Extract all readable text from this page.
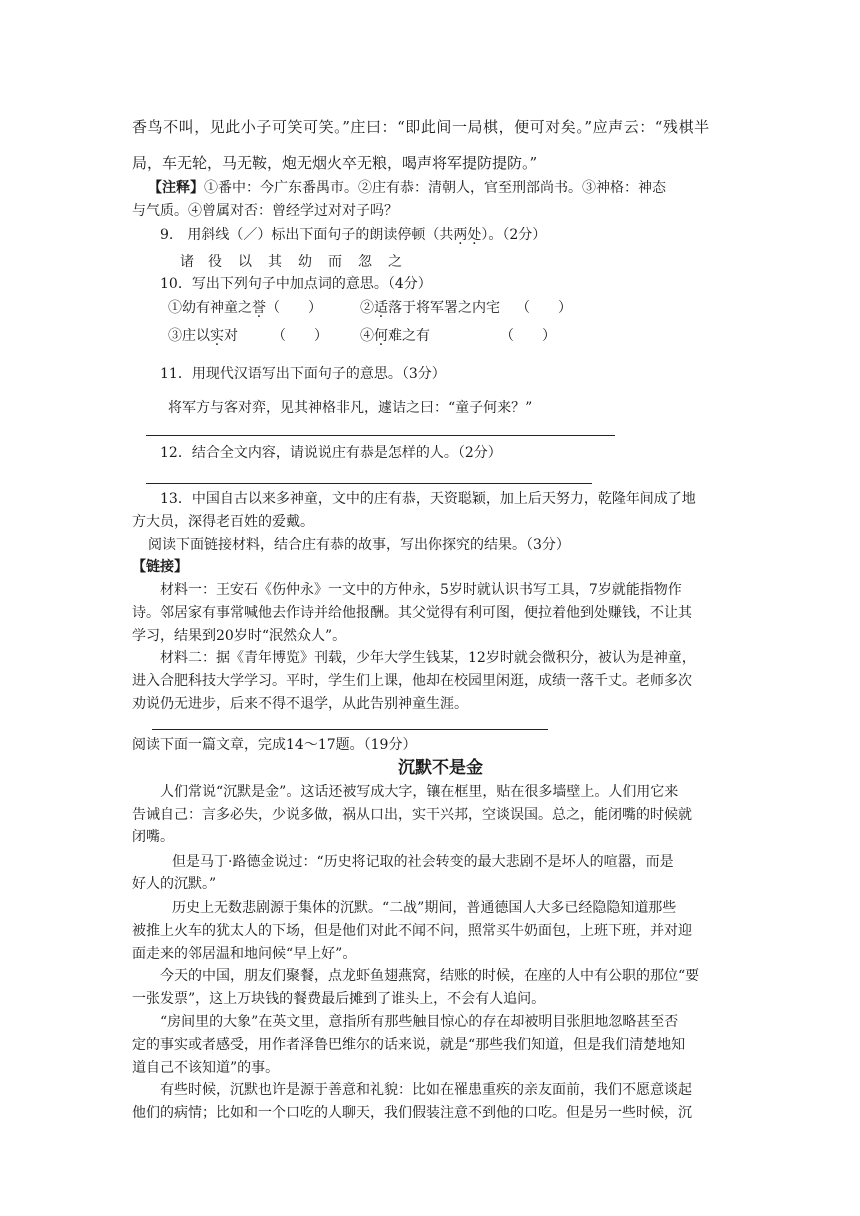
香鸟不叫，见此小子可笑可笑。”庄曰：“即此间一局棋，便可对矣。”应声云：“残棋半
局，车无轮，马无鞍，炮无烟火卒无粮，喝声将军提防提防。”
【注释】①番中：今广东番禺市。②庄有恭：清朝人，官至刑部尚书。③神格：神态
与气质。④曾属对否：曾经学过对对子吗？
9.　用斜线（／）标出下面句子的朗读停顿（共两处）。（2分）
诸 役 以 其 幼 而 忽 之
10．写出下列句子中加点词的意思。（4分）
①幼有神童之誉（　　）	②适落于将军署之内宅 （　　）
③庄以实对 （　　） ④何难之有	（　　）
11．用现代汉语写出下面句子的意思。（3分）
将军方与客对弈，见其神格非凡，遽诘之曰：“童子何来？”
12．结合全文内容，请说说庄有恭是怎样的人。（2分）
13．中国自古以来多神童，文中的庄有恭，天资聪颖，加上后天努力，乾隆年间成了地
方大员，深得老百姓的爱戴。
阅读下面链接材料，结合庄有恭的故事，写出你探究的结果。（3分）
【链接】
材料一：王安石《伤仲永》一文中的方仲永，5岁时就认识书写工具，7岁就能指物作
诗。邻居家有事常喊他去作诗并给他报酬。其父觉得有利可图，便拉着他到处赚钱，不让其
学习，结果到20岁时“泯然众人”。
材料二：据《青年博览》刊载，少年大学生钱某，12岁时就会微积分，被认为是神童，
进入合肥科技大学学习。平时，学生们上课，他却在校园里闲逛，成绩一落千丈。老师多次
劝说仍无进步，后来不得不退学，从此告别神童生涯。
阅读下面一篇文章，完成14～17题。（19分）
沉默不是金
人们常说“沉默是金”。这话还被写成大字，镶在框里，贴在很多墙壁上。人们用它来
告诫自己：言多必失，少说多做，祸从口出，实干兴邦，空谈误国。总之，能闭嘴的时候就
闭嘴。
但是马丁·路德金说过：“历史将记取的社会转变的最大悲剧不是坏人的喧嚣，而是
好人的沉默。”
历史上无数悲剧源于集体的沉默。“二战”期间，普通德国人大多已经隐隐知道那些
被推上火车的犹太人的下场，但是他们对此不闻不问，照常买牛奶面包，上班下班，并对迎
面走来的邻居温和地问候“早上好”。
今天的中国，朋友们聚餐，点龙虾鱼翅燕窝，结账的时候，在座的人中有公职的那位“要
一张发票”，这上万块钱的餐费最后摊到了谁头上，不会有人追问。
“房间里的大象”在英文里，意指所有那些触目惊心的存在却被明目张胆地忽略甚至否
定的事实或者感受，用作者泽鲁巴维尔的话来说，就是“那些我们知道，但是我们清楚地知
道自己不该知道”的事。
有些时候，沉默也许是源于善意和礼貌：比如在罹患重疾的亲友面前，我们不愿意谈起
他们的病情；比如和一个口吃的人聊天，我们假装注意不到他的口吃。但是另一些时候，沉
